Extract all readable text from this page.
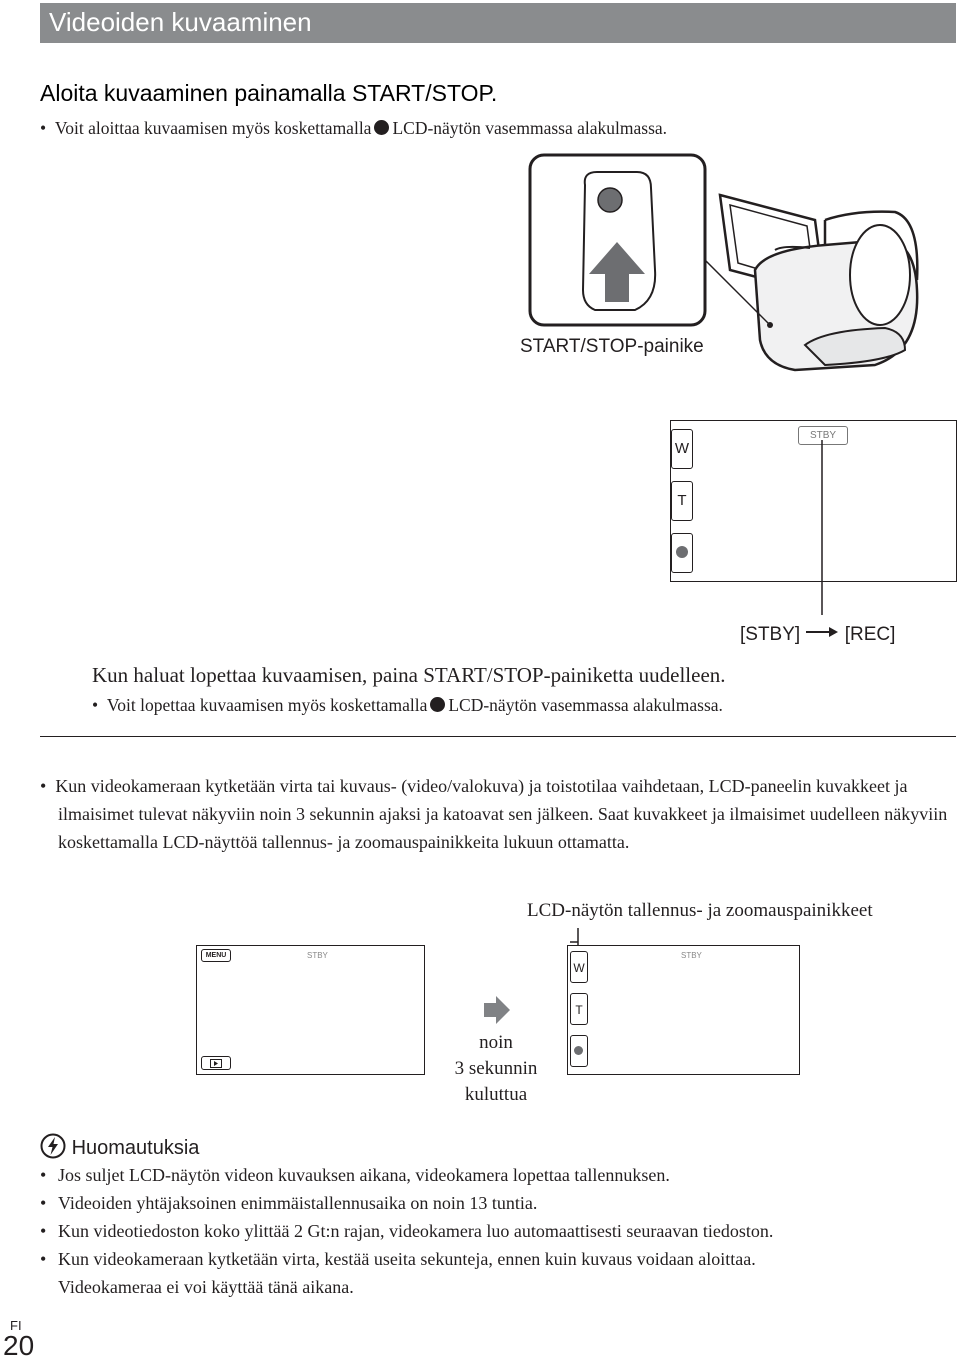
Videoiden kuvaaminen
Aloita kuvaaminen painamalla START/STOP.
• Voit aloittaa kuvaamisen myös koskettamalla LCD-näytön vasemmassa alakulmassa.
START/STOP-painike
W
T
STBY
[STBY] [REC]
Kun haluat lopettaa kuvaamisen, paina START/STOP-painiketta uudelleen.
• Voit lopettaa kuvaamisen myös koskettamalla LCD-näytön vasemmassa alakulmassa.
•  Kun videokameraan kytketään virta tai kuvaus- (video/valokuva) ja toistotilaa vaihdetaan, LCD-paneelin kuvakkeet ja ilmaisimet tulevat näkyviin noin 3 sekunnin ajaksi ja katoavat sen jälkeen. Saat kuvakkeet ja ilmaisimet uudelleen näkyviin koskettamalla LCD-näyttöä tallennus- ja zoomauspainikkeita lukuun ottamatta.
LCD-näytön tallennus- ja zoomauspainikkeet
MENU	STBY
noin
3 sekunnin
kuluttua
W
T
STBY
Huomautuksia
• Jos suljet LCD-näytön videon kuvauksen aikana, videokamera lopettaa tallennuksen.
• Videoiden yhtäjaksoinen enimmäistallennusaika on noin 13 tuntia.
• Kun videotiedoston koko ylittää 2 Gt:n rajan, videokamera luo automaattisesti seuraavan tiedoston.
• Kun videokameraan kytketään virta, kestää useita sekunteja, ennen kuin kuvaus voidaan aloittaa.
Videokameraa ei voi käyttää tänä aikana.
FI
20
